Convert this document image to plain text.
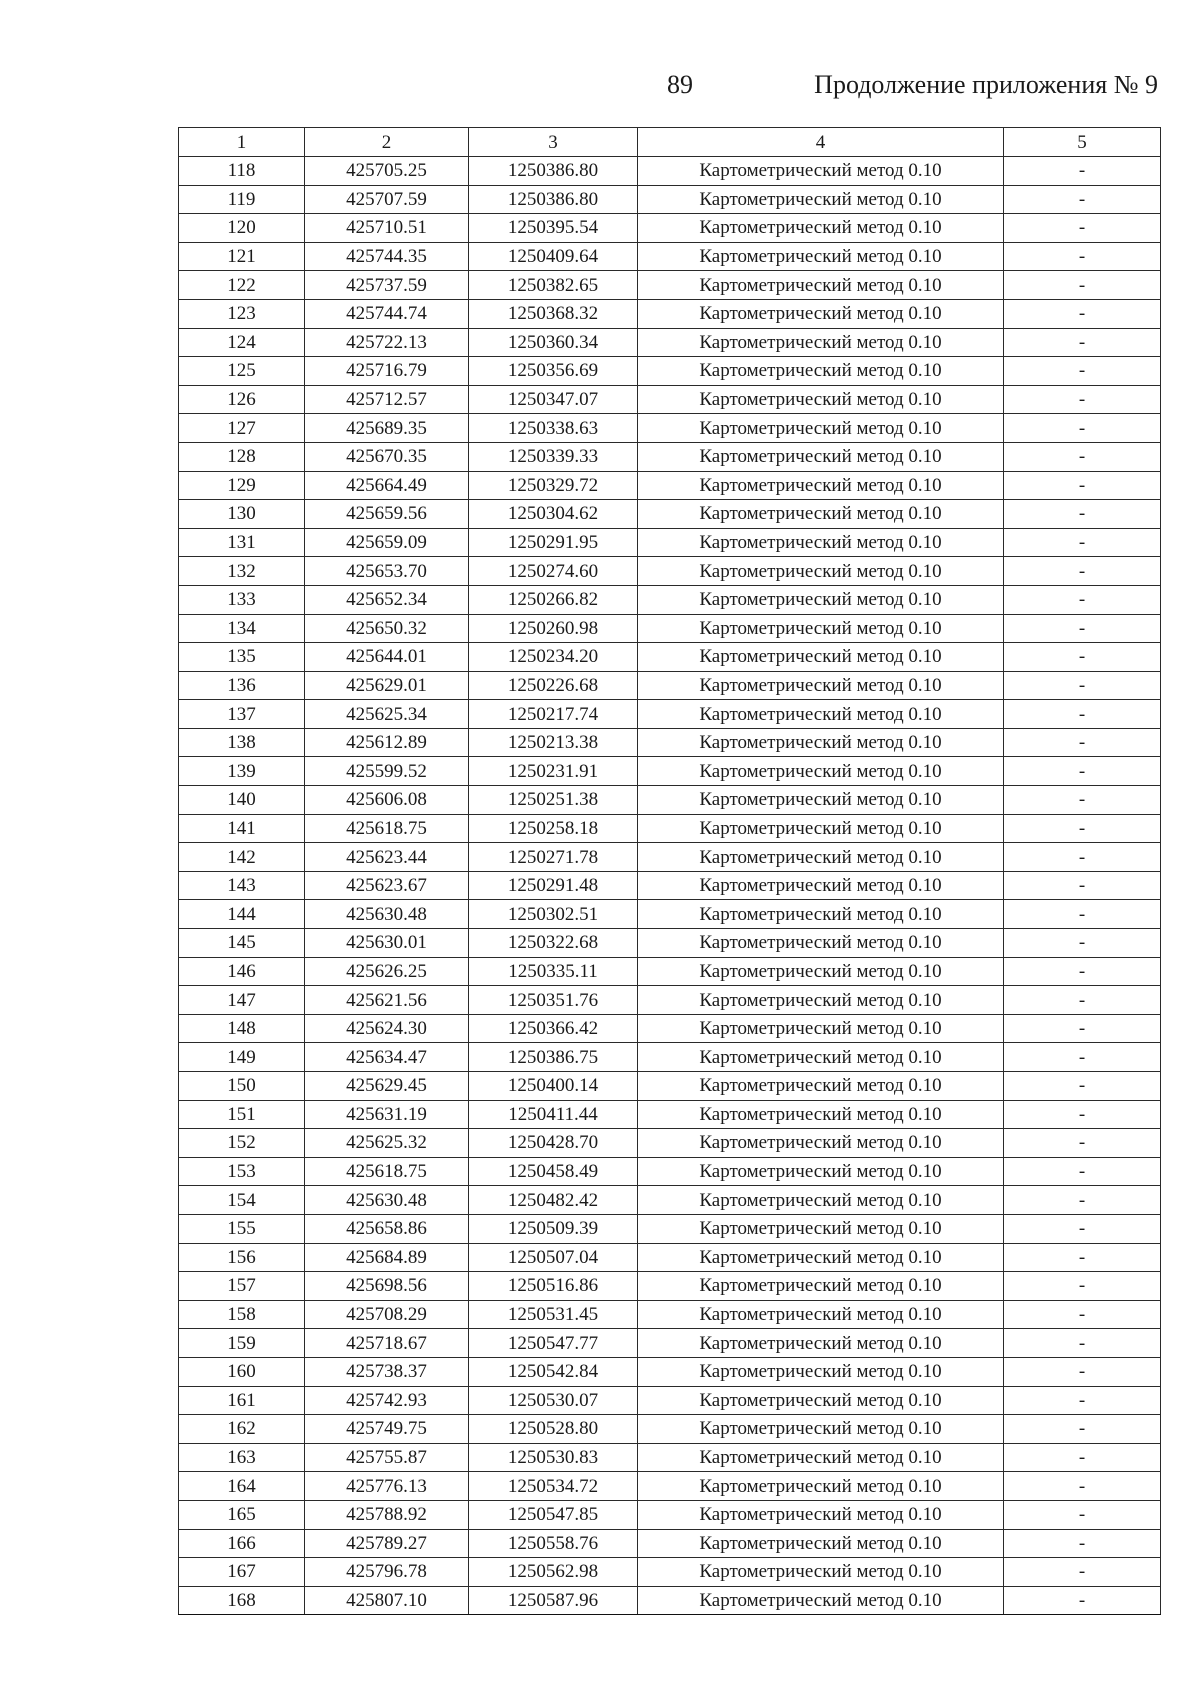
89	Продолжение приложения № 9
1	2	3	4	5
118	425705.25	1250386.80	Картометрический метод 0.10	-
119	425707.59	1250386.80	Картометрический метод 0.10	-
120	425710.51	1250395.54	Картометрический метод 0.10	-
121	425744.35	1250409.64	Картометрический метод 0.10	-
122	425737.59	1250382.65	Картометрический метод 0.10	-
123	425744.74	1250368.32	Картометрический метод 0.10	-
124	425722.13	1250360.34	Картометрический метод 0.10	-
125	425716.79	1250356.69	Картометрический метод 0.10	-
126	425712.57	1250347.07	Картометрический метод 0.10	-
127	425689.35	1250338.63	Картометрический метод 0.10	-
128	425670.35	1250339.33	Картометрический метод 0.10	-
129	425664.49	1250329.72	Картометрический метод 0.10	-
130	425659.56	1250304.62	Картометрический метод 0.10	-
131	425659.09	1250291.95	Картометрический метод 0.10	-
132	425653.70	1250274.60	Картометрический метод 0.10	-
133	425652.34	1250266.82	Картометрический метод 0.10	-
134	425650.32	1250260.98	Картометрический метод 0.10	-
135	425644.01	1250234.20	Картометрический метод 0.10	-
136	425629.01	1250226.68	Картометрический метод 0.10	-
137	425625.34	1250217.74	Картометрический метод 0.10	-
138	425612.89	1250213.38	Картометрический метод 0.10	-
139	425599.52	1250231.91	Картометрический метод 0.10	-
140	425606.08	1250251.38	Картометрический метод 0.10	-
141	425618.75	1250258.18	Картометрический метод 0.10	-
142	425623.44	1250271.78	Картометрический метод 0.10	-
143	425623.67	1250291.48	Картометрический метод 0.10	-
144	425630.48	1250302.51	Картометрический метод 0.10	-
145	425630.01	1250322.68	Картометрический метод 0.10	-
146	425626.25	1250335.11	Картометрический метод 0.10	-
147	425621.56	1250351.76	Картометрический метод 0.10	-
148	425624.30	1250366.42	Картометрический метод 0.10	-
149	425634.47	1250386.75	Картометрический метод 0.10	-
150	425629.45	1250400.14	Картометрический метод 0.10	-
151	425631.19	1250411.44	Картометрический метод 0.10	-
152	425625.32	1250428.70	Картометрический метод 0.10	-
153	425618.75	1250458.49	Картометрический метод 0.10	-
154	425630.48	1250482.42	Картометрический метод 0.10	-
155	425658.86	1250509.39	Картометрический метод 0.10	-
156	425684.89	1250507.04	Картометрический метод 0.10	-
157	425698.56	1250516.86	Картометрический метод 0.10	-
158	425708.29	1250531.45	Картометрический метод 0.10	-
159	425718.67	1250547.77	Картометрический метод 0.10	-
160	425738.37	1250542.84	Картометрический метод 0.10	-
161	425742.93	1250530.07	Картометрический метод 0.10	-
162	425749.75	1250528.80	Картометрический метод 0.10	-
163	425755.87	1250530.83	Картометрический метод 0.10	-
164	425776.13	1250534.72	Картометрический метод 0.10	-
165	425788.92	1250547.85	Картометрический метод 0.10	-
166	425789.27	1250558.76	Картометрический метод 0.10	-
167	425796.78	1250562.98	Картометрический метод 0.10	-
168	425807.10	1250587.96	Картометрический метод 0.10	-
